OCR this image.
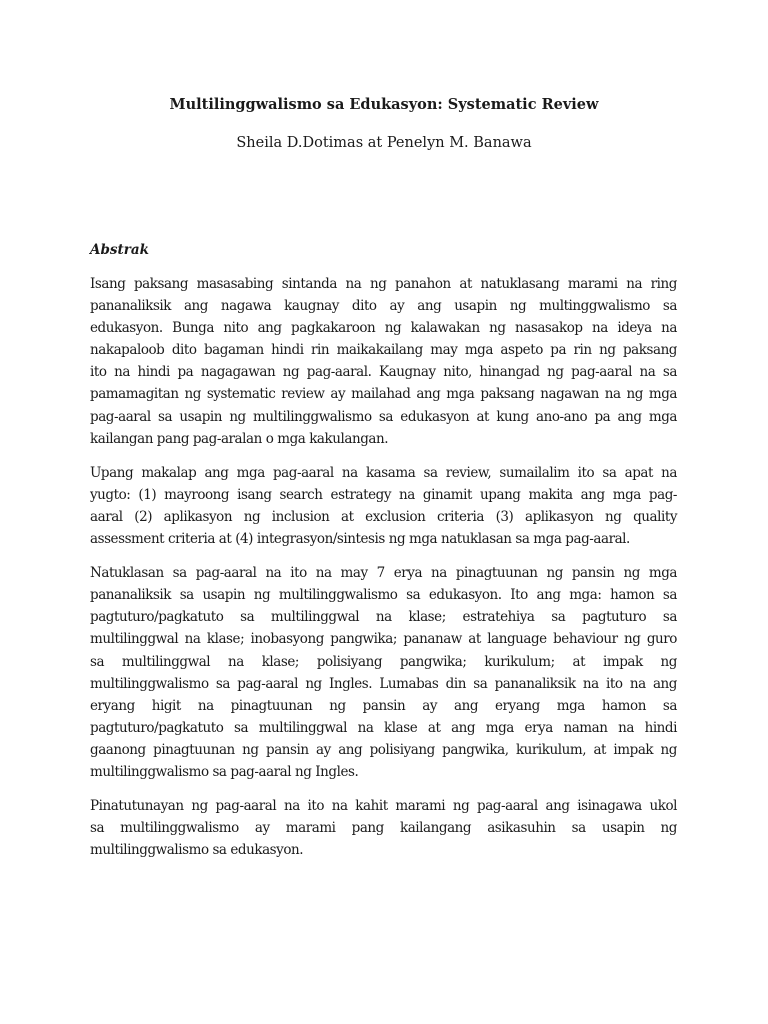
Multilinggwalismo sa Edukasyon: Systematic Review
Sheila D.Dotimas at Penelyn M. Banawa
Abstrak
Isang paksang masasabing sintanda na ng panahon at natuklasang marami na ring
pananaliksik ang nagawa kaugnay dito ay ang usapin ng multinggwalismo sa
edukasyon. Bunga nito ang pagkakaroon ng kalawakan ng nasasakop na ideya na
nakapaloob dito bagaman hindi rin maikakailang may mga aspeto pa rin ng paksang
ito na hindi pa nagagawan ng pag-aaral. Kaugnay nito, hinangad ng pag-aaral na sa
pamamagitan ng systematic review ay mailahad ang mga paksang nagawan na ng mga
pag-aaral sa usapin ng multilinggwalismo sa edukasyon at kung ano-ano pa ang mga
kailangan pang pag-aralan o mga kakulangan.
Upang makalap ang mga pag-aaral na kasama sa review, sumailalim ito sa apat na
yugto: (1) mayroong isang search estrategy na ginamit upang makita ang mga pag-
aaral (2) aplikasyon ng inclusion at exclusion criteria (3) aplikasyon ng quality
assessment criteria at (4) integrasyon/sintesis ng mga natuklasan sa mga pag-aaral.
Natuklasan sa pag-aaral na ito na may 7 erya na pinagtuunan ng pansin ng mga
pananaliksik sa usapin ng multilinggwalismo sa edukasyon. Ito ang mga: hamon sa
pagtuturo/pagkatuto sa multilinggwal na klase; estratehiya sa pagtuturo sa
multilinggwal na klase; inobasyong pangwika; pananaw at language behaviour ng guro
sa multilinggwal na klase; polisiyang pangwika; kurikulum; at impak ng
multilinggwalismo sa pag-aaral ng Ingles. Lumabas din sa pananaliksik na ito na ang
eryang higit na pinagtuunan ng pansin ay ang eryang mga hamon sa
pagtuturo/pagkatuto sa multilinggwal na klase at ang mga erya naman na hindi
gaanong pinagtuunan ng pansin ay ang polisiyang pangwika, kurikulum, at impak ng
multilinggwalismo sa pag-aaral ng Ingles.
Pinatutunayan ng pag-aaral na ito na kahit marami ng pag-aaral ang isinagawa ukol
sa multilinggwalismo ay marami pang kailangang asikasuhin sa usapin ng
multilinggwalismo sa edukasyon.
